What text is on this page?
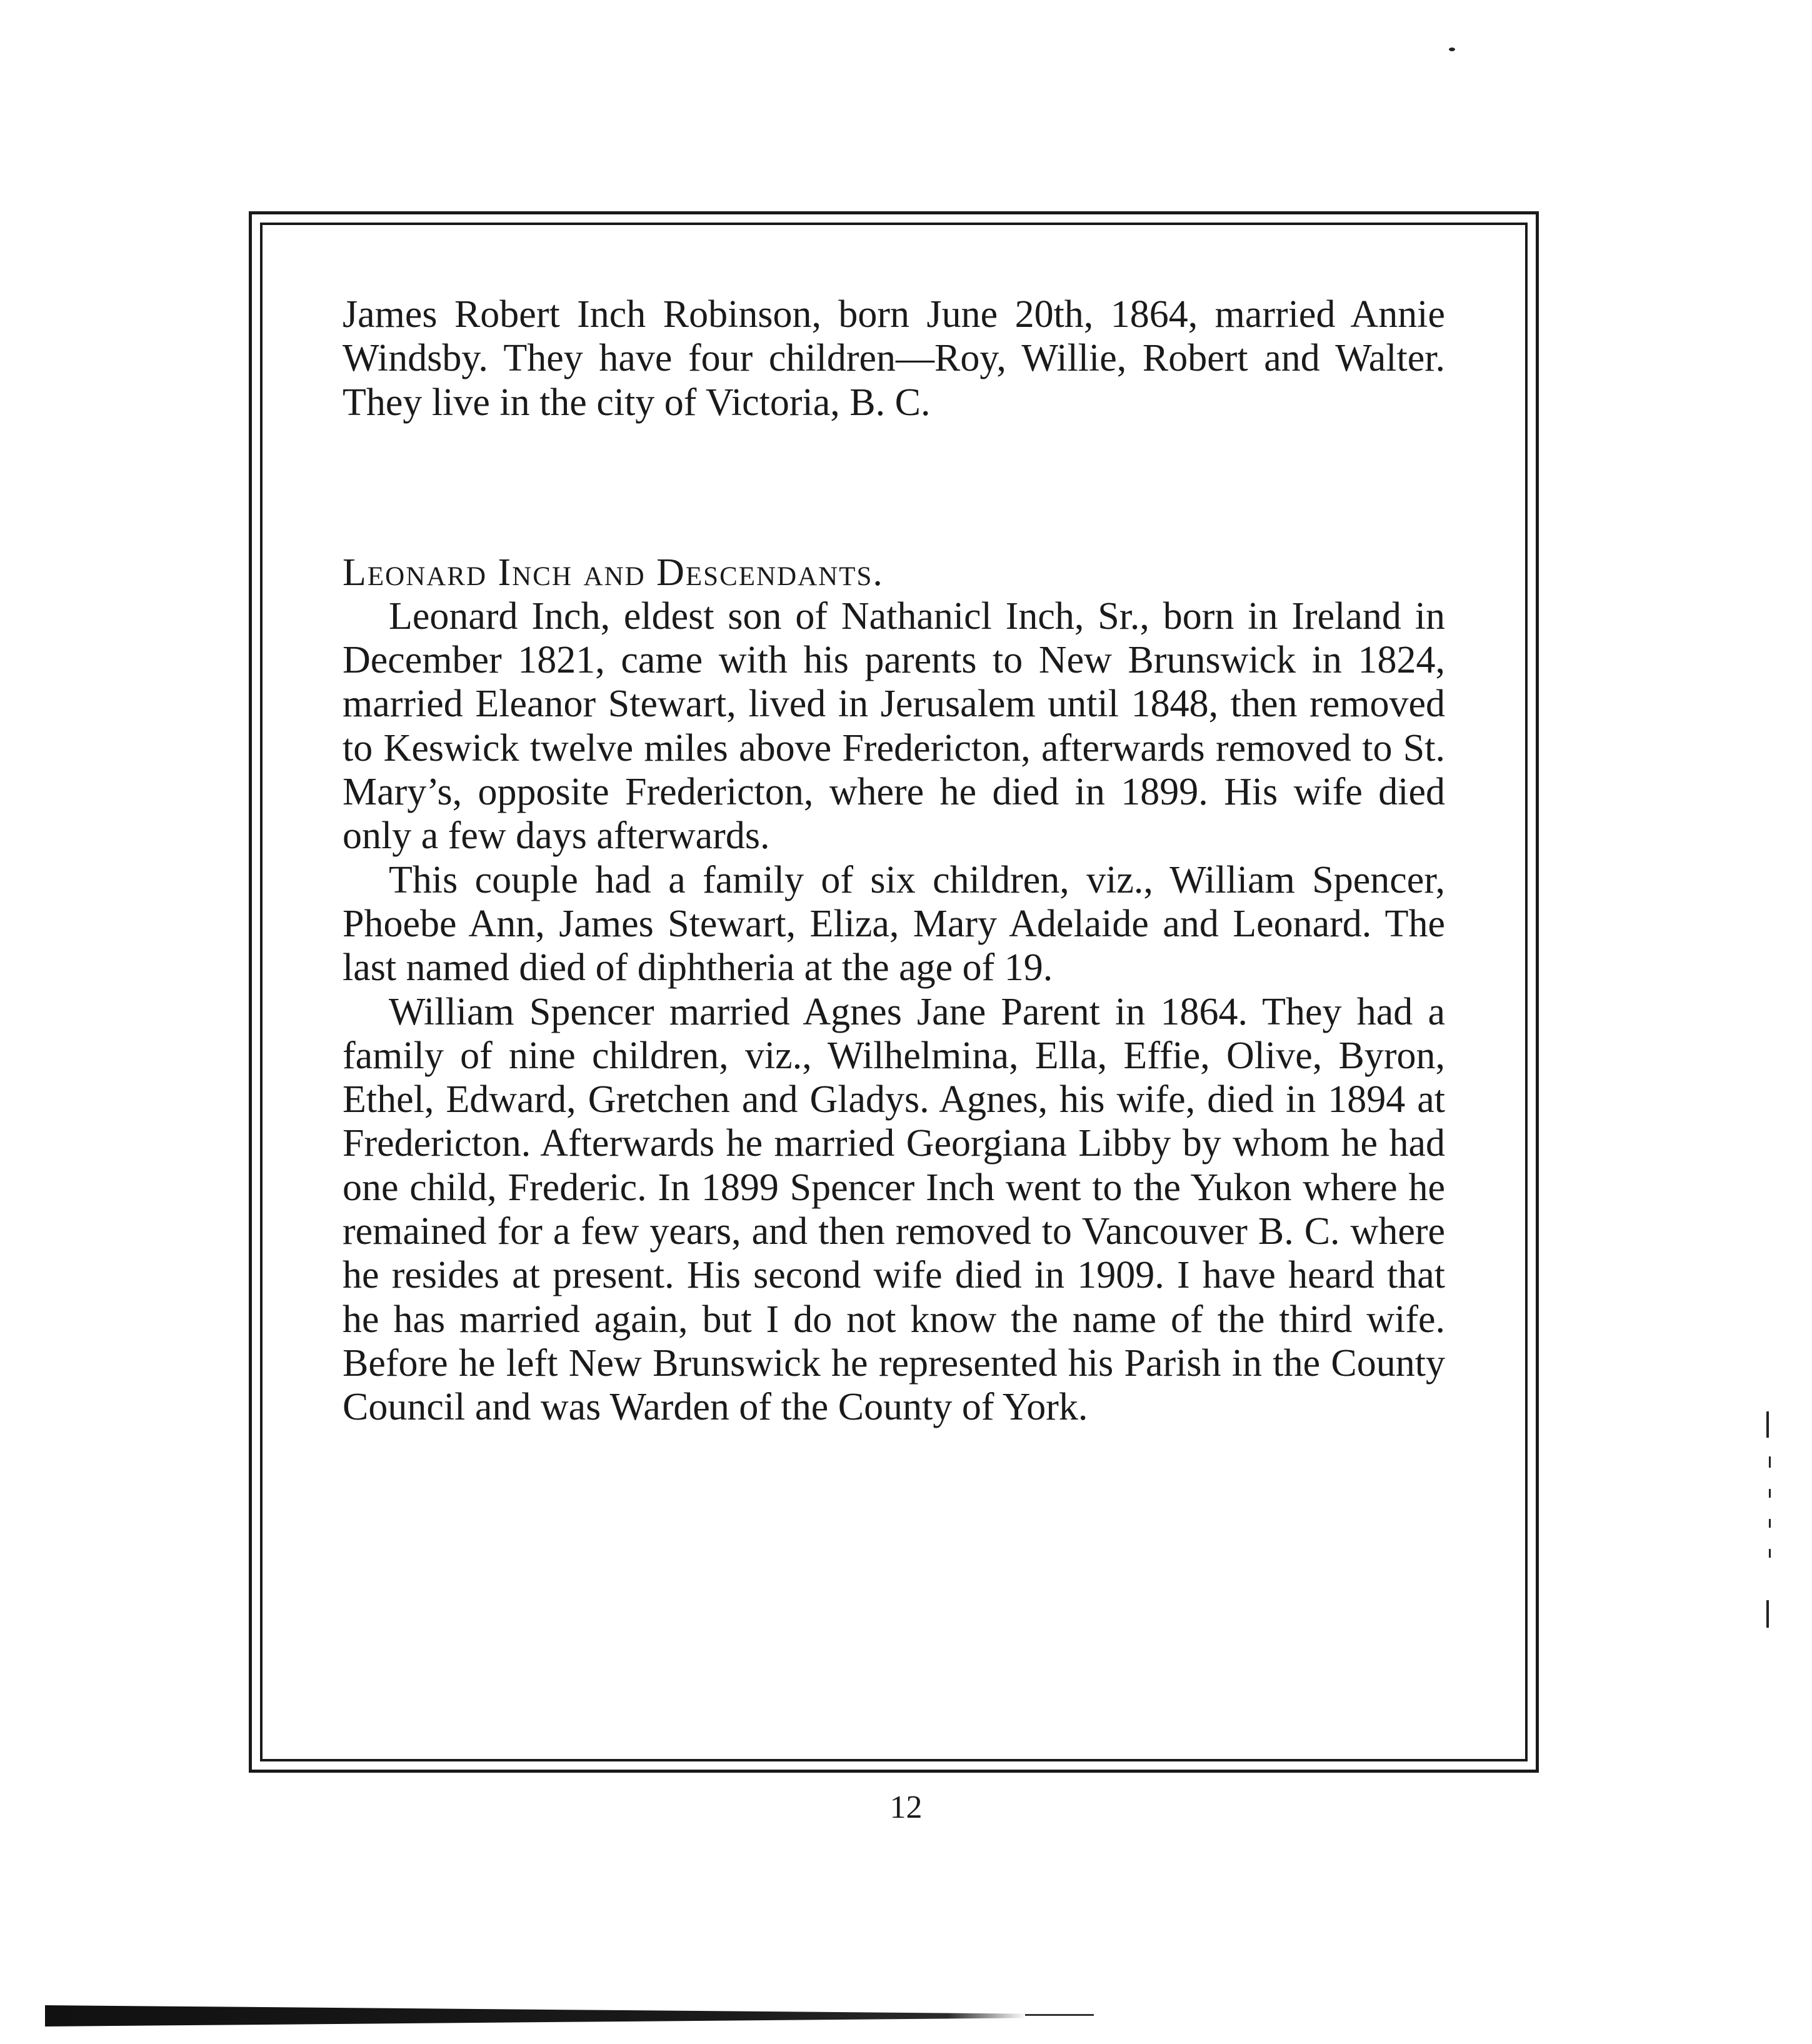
James Robert Inch Robinson, born June 20th, 1864, married Annie Windsby. They have four children—Roy, Willie, Robert and Walter. They live in the city of Victoria, B. C.

Leonard Inch and Descendants.

Leonard Inch, eldest son of Nathanicl Inch, Sr., born in Ireland in December 1821, came with his parents to New Brunswick in 1824, married Eleanor Stewart, lived in Jerusalem until 1848, then removed to Keswick twelve miles above Fredericton, afterwards removed to St. Mary’s, opposite Fredericton, where he died in 1899. His wife died only a few days afterwards.

This couple had a family of six children, viz., William Spencer, Phoebe Ann, James Stewart, Eliza, Mary Adelaide and Leonard. The last named died of diphtheria at the age of 19.

William Spencer married Agnes Jane Parent in 1864. They had a family of nine children, viz., Wilhelmina, Ella, Effie, Olive, Byron, Ethel, Edward, Gretchen and Gladys. Agnes, his wife, died in 1894 at Fredericton. Afterwards he married Georgiana Libby by whom he had one child, Frederic. In 1899 Spencer Inch went to the Yukon where he remained for a few years, and then removed to Vancouver B. C. where he resides at present. His second wife died in 1909. I have heard that he has married again, but I do not know the name of the third wife. Before he left New Brunswick he represented his Parish in the County Council and was Warden of the County of York.

12
